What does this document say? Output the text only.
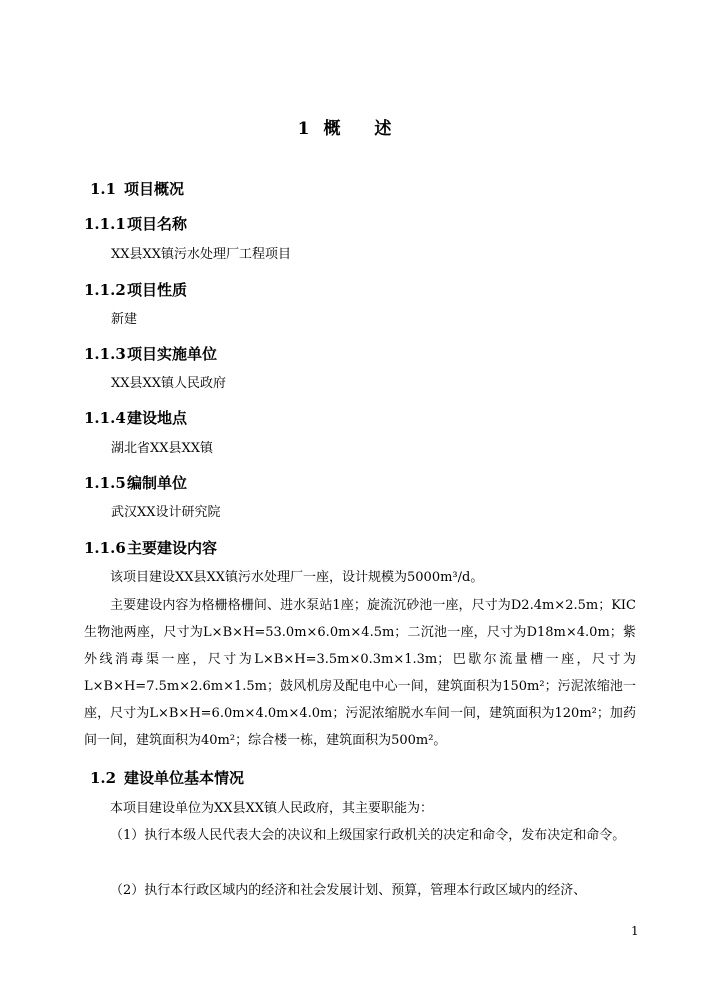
1 概 述
1.1 项目概况
1.1.1项目名称
XX县XX镇污水处理厂工程项目
1.1.2项目性质
新建
1.1.3项目实施单位
XX县XX镇人民政府
1.1.4建设地点
湖北省XX县XX镇
1.1.5编制单位
武汉XX设计研究院
1.1.6主要建设内容
该项目建设XX县XX镇污水处理厂一座，设计规模为5000m³/d。
主要建设内容为格栅格栅间、进水泵站1座；旋流沉砂池一座，尺寸为D2.4m×2.5m；KIC生物池两座，尺寸为L×B×H=53.0m×6.0m×4.5m；二沉池一座，尺寸为D18m×4.0m；紫外线消毒渠一座，尺寸为L×B×H=3.5m×0.3m×1.3m；巴歇尔流量槽一座，尺寸为L×B×H=7.5m×2.6m×1.5m；鼓风机房及配电中心一间，建筑面积为150m²；污泥浓缩池一座，尺寸为L×B×H=6.0m×4.0m×4.0m；污泥浓缩脱水车间一间，建筑面积为120m²；加药间一间，建筑面积为40m²；综合楼一栋，建筑面积为500m²。
1.2 建设单位基本情况
本项目建设单位为XX县XX镇人民政府，其主要职能为：
（1）执行本级人民代表大会的决议和上级国家行政机关的决定和命令，发布决定和命令。
（2）执行本行政区域内的经济和社会发展计划、预算，管理本行政区域内的经济、
1
